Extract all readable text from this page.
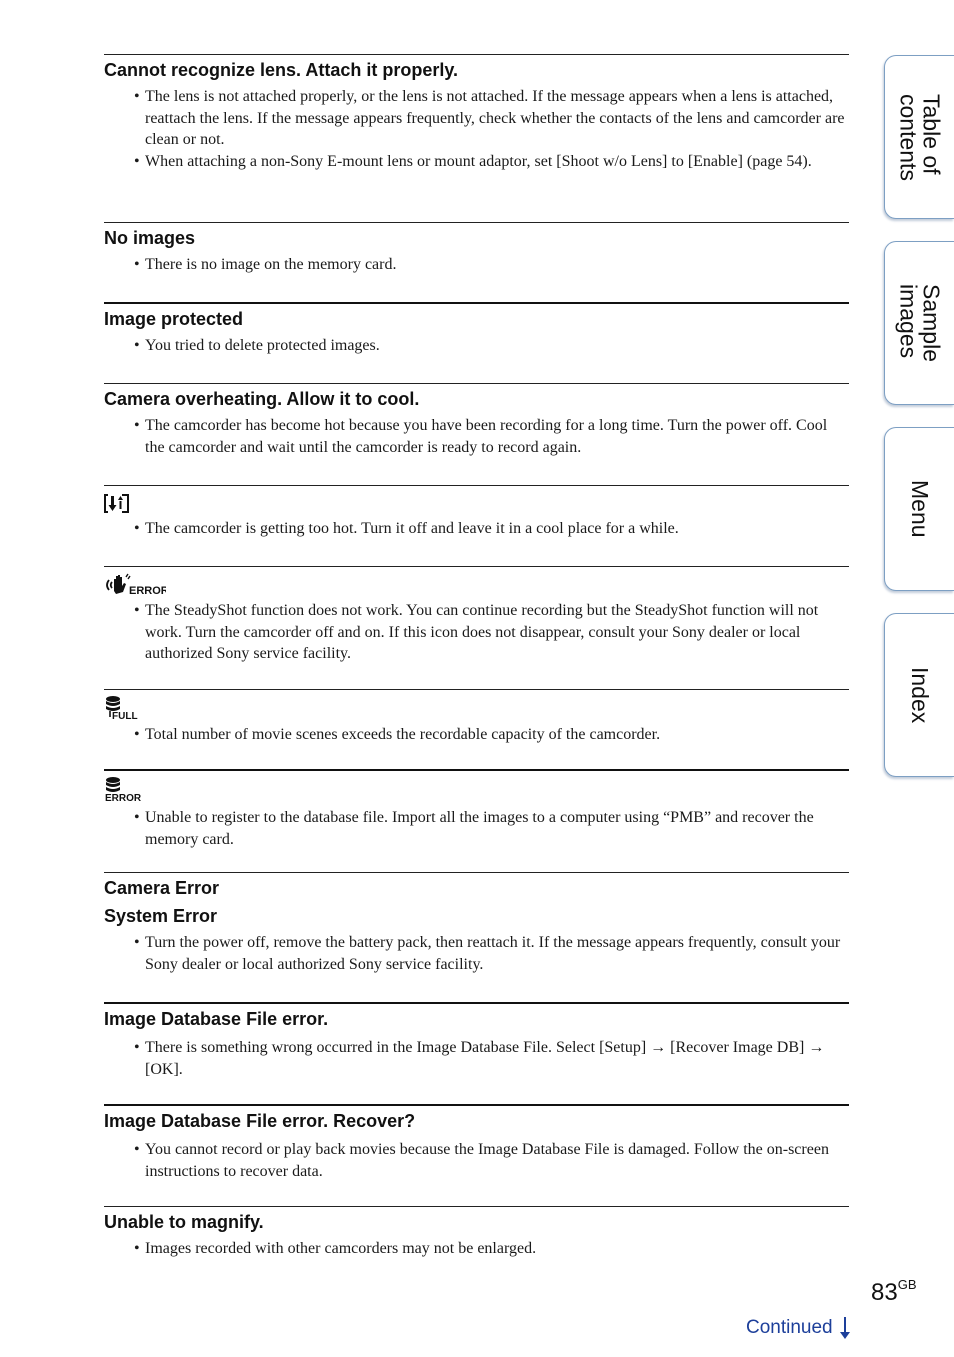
Cannot recognize lens. Attach it properly.
• The lens is not attached properly, or the lens is not attached. If the message appears when a lens is attached, reattach the lens. If the message appears frequently, check whether the contacts of the lens and camcorder are clean or not.
• When attaching a non-Sony E-mount lens or mount adaptor, set [Shoot w/o Lens] to [Enable] (page 54).
No images
• There is no image on the memory card.
Image protected
• You tried to delete protected images.
Camera overheating. Allow it to cool.
• The camcorder has become hot because you have been recording for a long time. Turn the power off. Cool the camcorder and wait until the camcorder is ready to record again.
• The camcorder is getting too hot. Turn it off and leave it in a cool place for a while.
ERROR
• The SteadyShot function does not work. You can continue recording but the SteadyShot function will not work. Turn the camcorder off and on. If this icon does not disappear, consult your Sony dealer or local authorized Sony service facility.
FULL
• Total number of movie scenes exceeds the recordable capacity of the camcorder.
ERROR
• Unable to register to the database file. Import all the images to a computer using “PMB” and recover the memory card.
Camera Error
System Error
• Turn the power off, remove the battery pack, then reattach it. If the message appears frequently, consult your Sony dealer or local authorized Sony service facility.
Image Database File error.
• There is something wrong occurred in the Image Database File. Select [Setup] → [Recover Image DB] → [OK].
Image Database File error. Recover?
• You cannot record or play back movies because the Image Database File is damaged. Follow the on-screen instructions to recover data.
Unable to magnify.
• Images recorded with other camcorders may not be enlarged.
Table of
contents
Sample
images
Menu
Index
$83^{GB}$
Continued
